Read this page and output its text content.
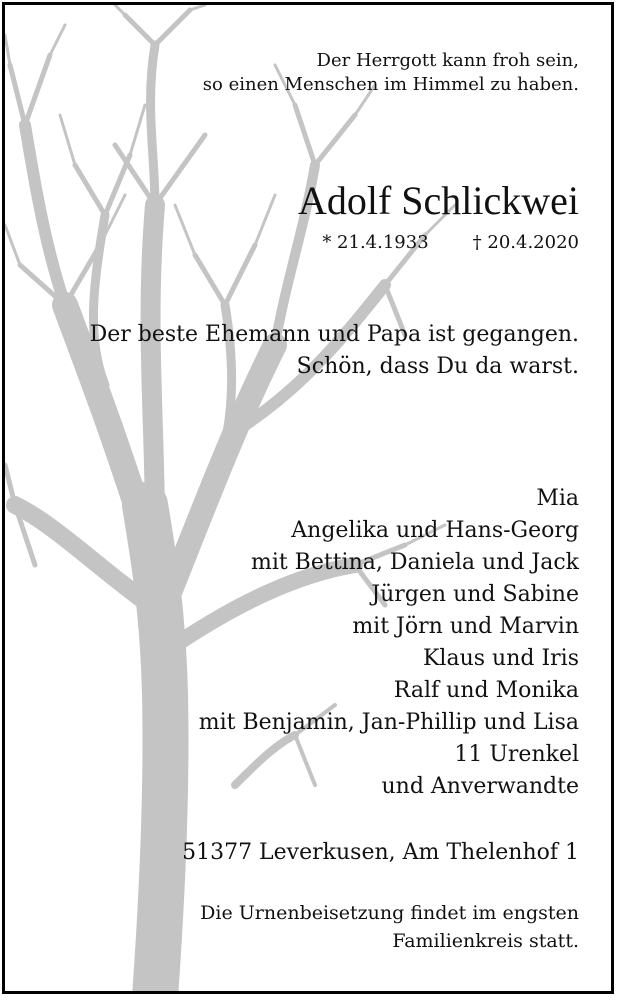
Der Herrgott kann froh sein,
so einen Menschen im Himmel zu haben.
Adolf Schlickwei
* 21.4.1933 † 20.4.2020
Der beste Ehemann und Papa ist gegangen.
Schön, dass Du da warst.
Mia
Angelika und Hans-Georg
mit Bettina, Daniela und Jack
Jürgen und Sabine
mit Jörn und Marvin
Klaus und Iris
Ralf und Monika
mit Benjamin, Jan-Phillip und Lisa
11 Urenkel
und Anverwandte
51377 Leverkusen, Am Thelenhof 1
Die Urnenbeisetzung findet im engsten
Familienkreis statt.
